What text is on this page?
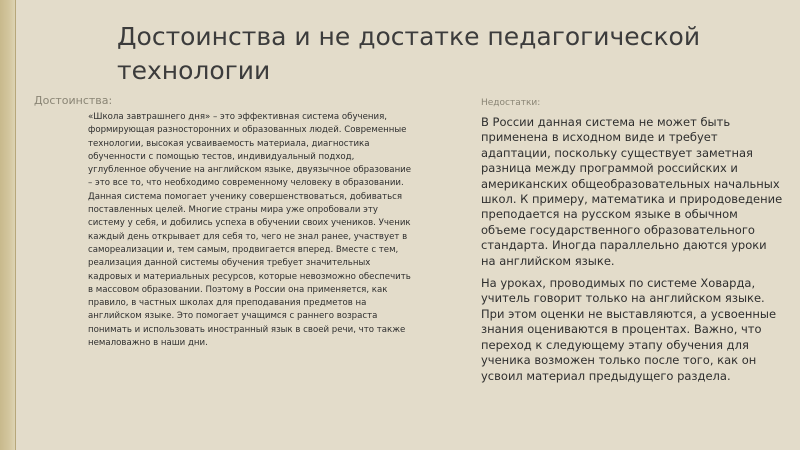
Достоинства и не достатке педагогической технологии
Достоинства:

«Школа завтрашнего дня» – это эффективная система обучения, формирующая разносторонних и образованных людей. Современные технологии, высокая усваиваемость материала, диагностика обученности с помощью тестов, индивидуальный подход, углубленное обучение на английском языке, двуязычное образование – это все то, что необходимо современному человеку в образовании. Данная система помогает ученику совершенствоваться, добиваться поставленных целей. Многие страны мира уже опробовали эту систему у себя, и добились успеха в обучении своих учеников. Ученик каждый день открывает для себя то, чего не знал ранее, участвует в самореализации и, тем самым, продвигается вперед. Вместе с тем, реализация данной системы обучения требует значительных кадровых и материальных ресурсов, которые невозможно обеспечить в массовом образовании. Поэтому в России она применяется, как правило, в частных школах для преподавания предметов на английском языке. Это помогает учащимся с раннего возраста понимать и использовать иностранный язык в своей речи, что также немаловажно в наши дни.

Недостатки:

В России данная система не может быть применена в исходном виде и требует адаптации, поскольку существует заметная разница между программой российских и американских общеобразовательных начальных школ. К примеру, математика и природоведение преподается на русском языке в обычном объеме государственного образовательного стандарта. Иногда параллельно даются уроки на английском языке.

На уроках, проводимых по системе Ховарда, учитель говорит только на английском языке. При этом оценки не выставляются, а усвоенные знания оцениваются в процентах. Важно, что переход к следующему этапу обучения для ученика возможен только после того, как он усвоил материал предыдущего раздела.
